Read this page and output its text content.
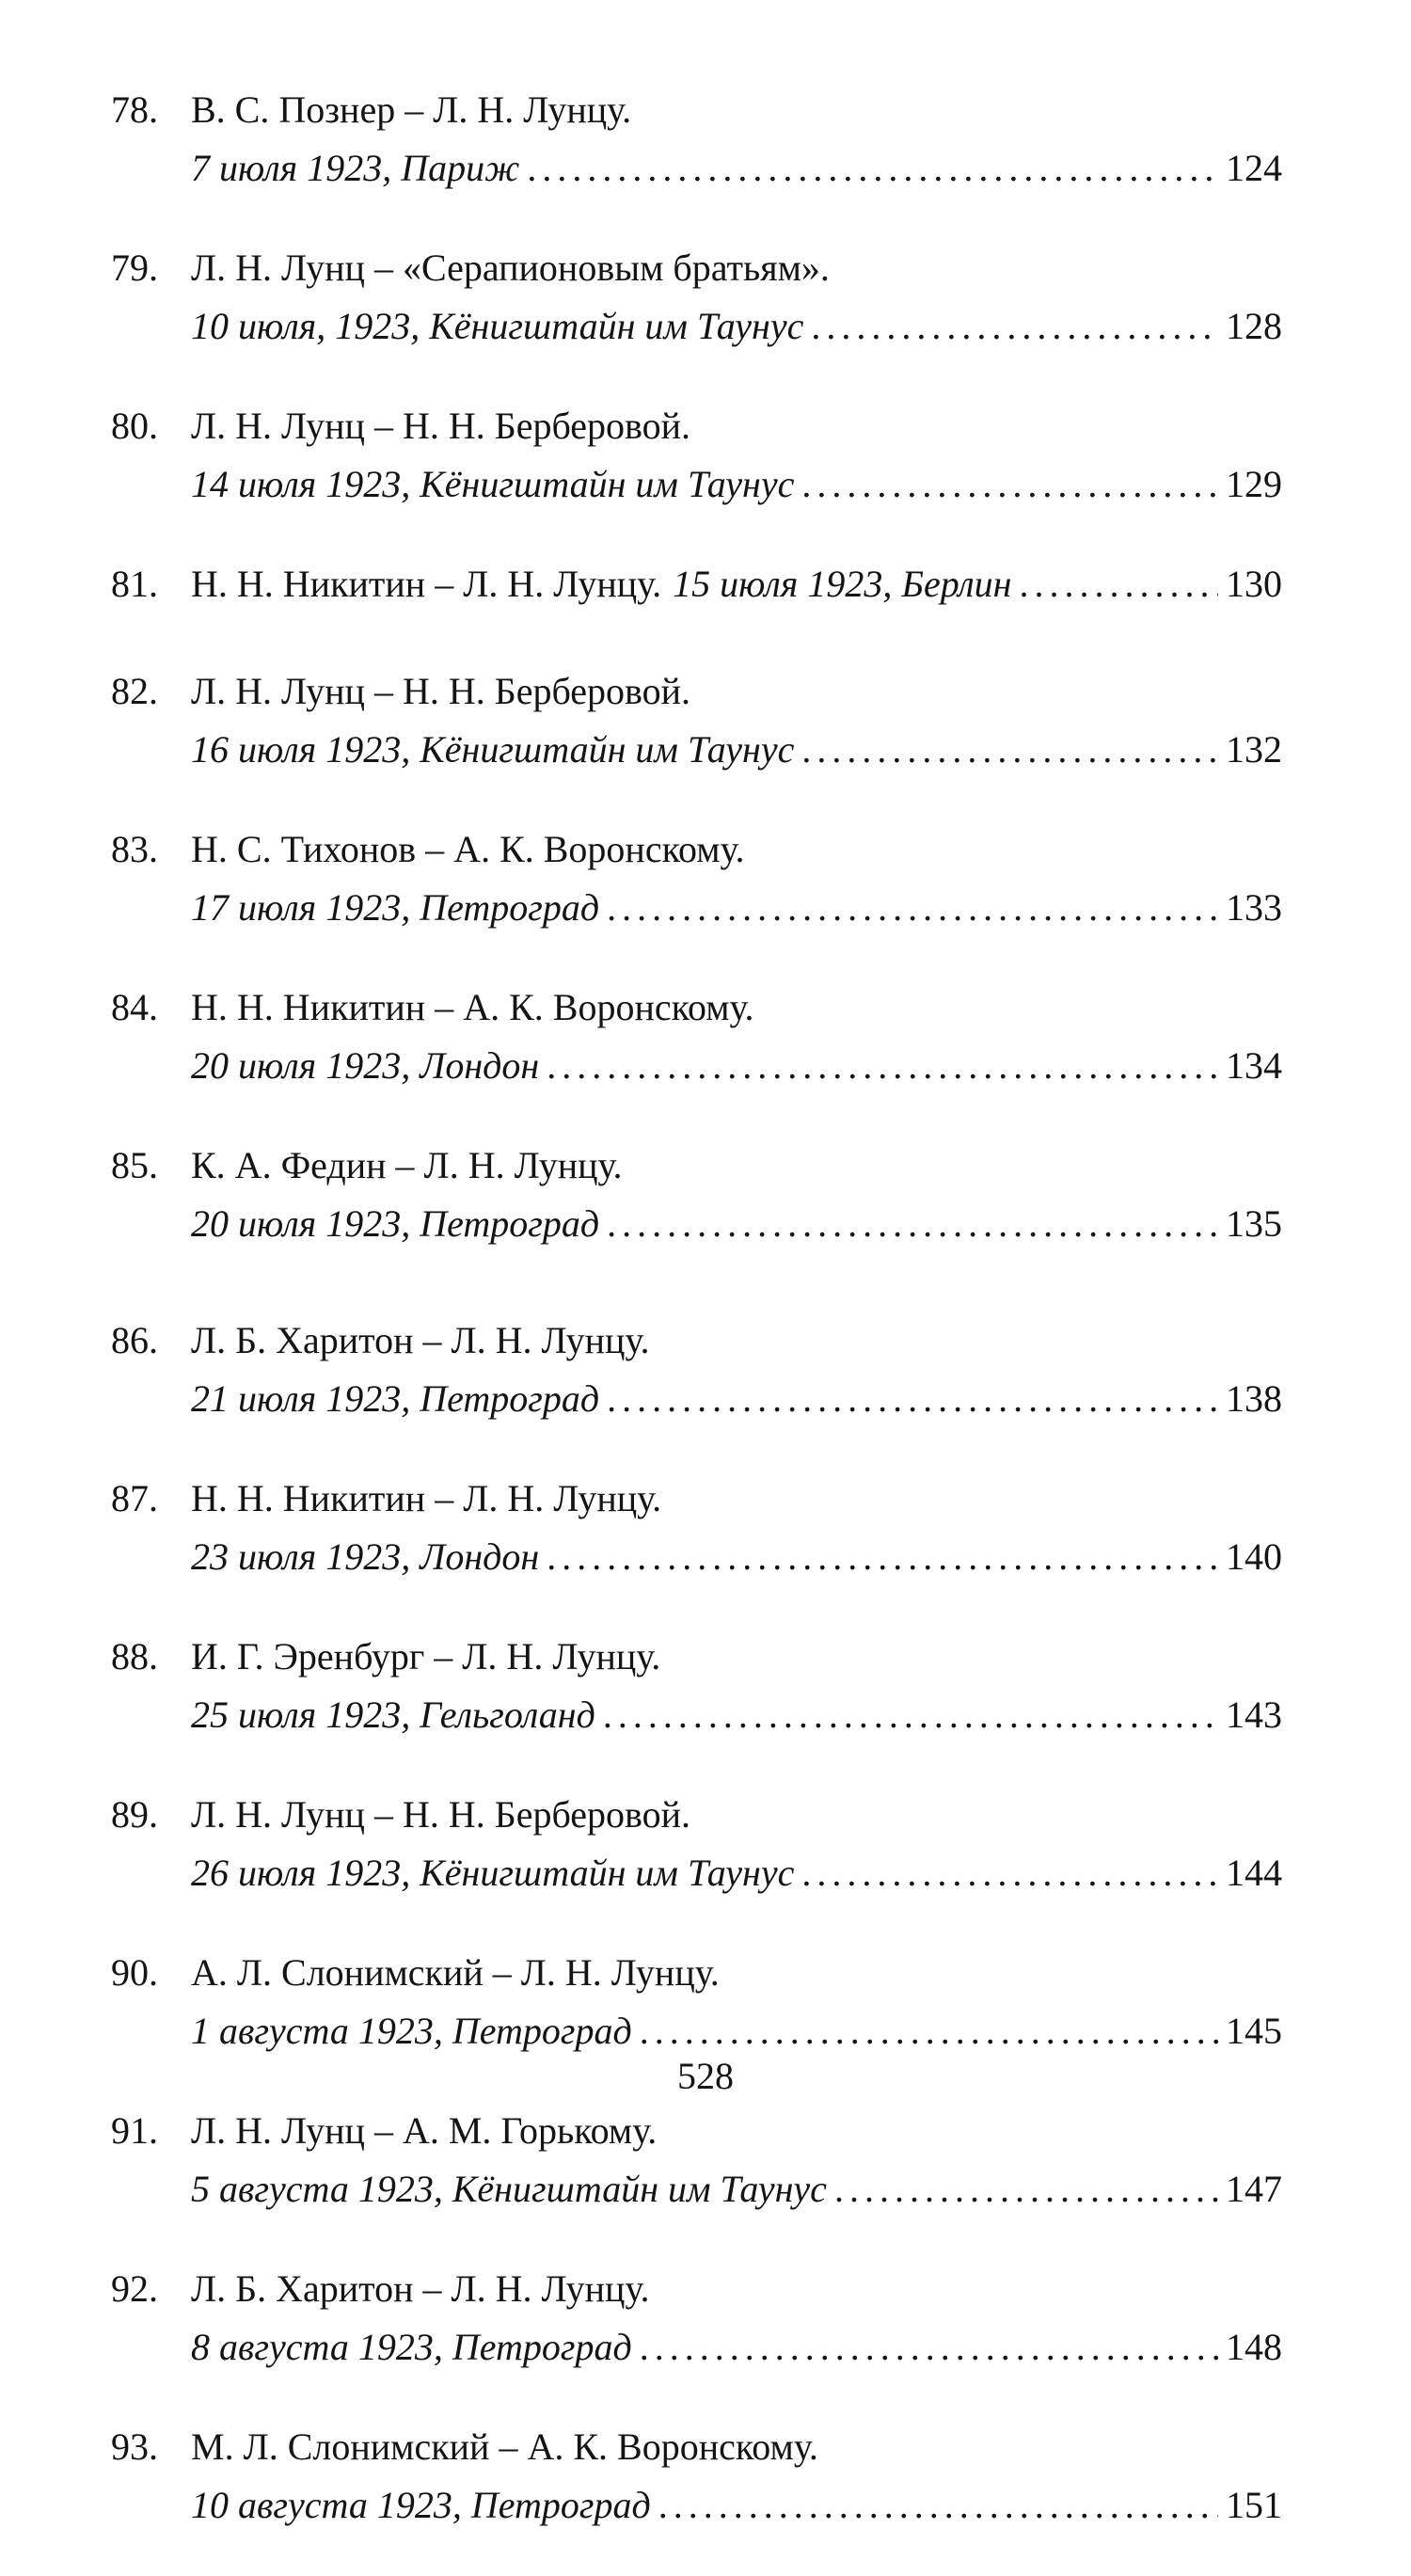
78. В. С. Познер – Л. Н. Лунцу.
7 июля 1923, Париж .....	124
79. Л. Н. Лунц – «Серапионовым братьям».
10 июля, 1923, Кёнигштайн им Таунус .....	128
80. Л. Н. Лунц – Н. Н. Берберовой.
14 июля 1923, Кёнигштайн им Таунус .....	129
81. Н. Н. Никитин – Л. Н. Лунцу. 15 июля 1923, Берлин .....	130
82. Л. Н. Лунц – Н. Н. Берберовой.
16 июля 1923, Кёнигштайн им Таунус .....	132
83. Н. С. Тихонов – А. К. Воронскому.
17 июля 1923, Петроград .....	133
84. Н. Н. Никитин – А. К. Воронскому.
20 июля 1923, Лондон .....	134
85. К. А. Федин – Л. Н. Лунцу.
20 июля 1923, Петроград .....	135
86. Л. Б. Харитон – Л. Н. Лунцу.
21 июля 1923, Петроград .....	138
87. Н. Н. Никитин – Л. Н. Лунцу.
23 июля 1923, Лондон .....	140
88. И. Г. Эренбург – Л. Н. Лунцу.
25 июля 1923, Гельголанд .....	143
89. Л. Н. Лунц – Н. Н. Берберовой.
26 июля 1923, Кёнигштайн им Таунус .....	144
90. А. Л. Слонимский – Л. Н. Лунцу.
1 августа 1923, Петроград .....	145
91. Л. Н. Лунц – А. М. Горькому.
5 августа 1923, Кёнигштайн им Таунус .....	147
92. Л. Б. Харитон – Л. Н. Лунцу.
8 августа 1923, Петроград .....	148
93. М. Л. Слонимский – А. К. Воронскому.
10 августа 1923, Петроград .....	151
528
